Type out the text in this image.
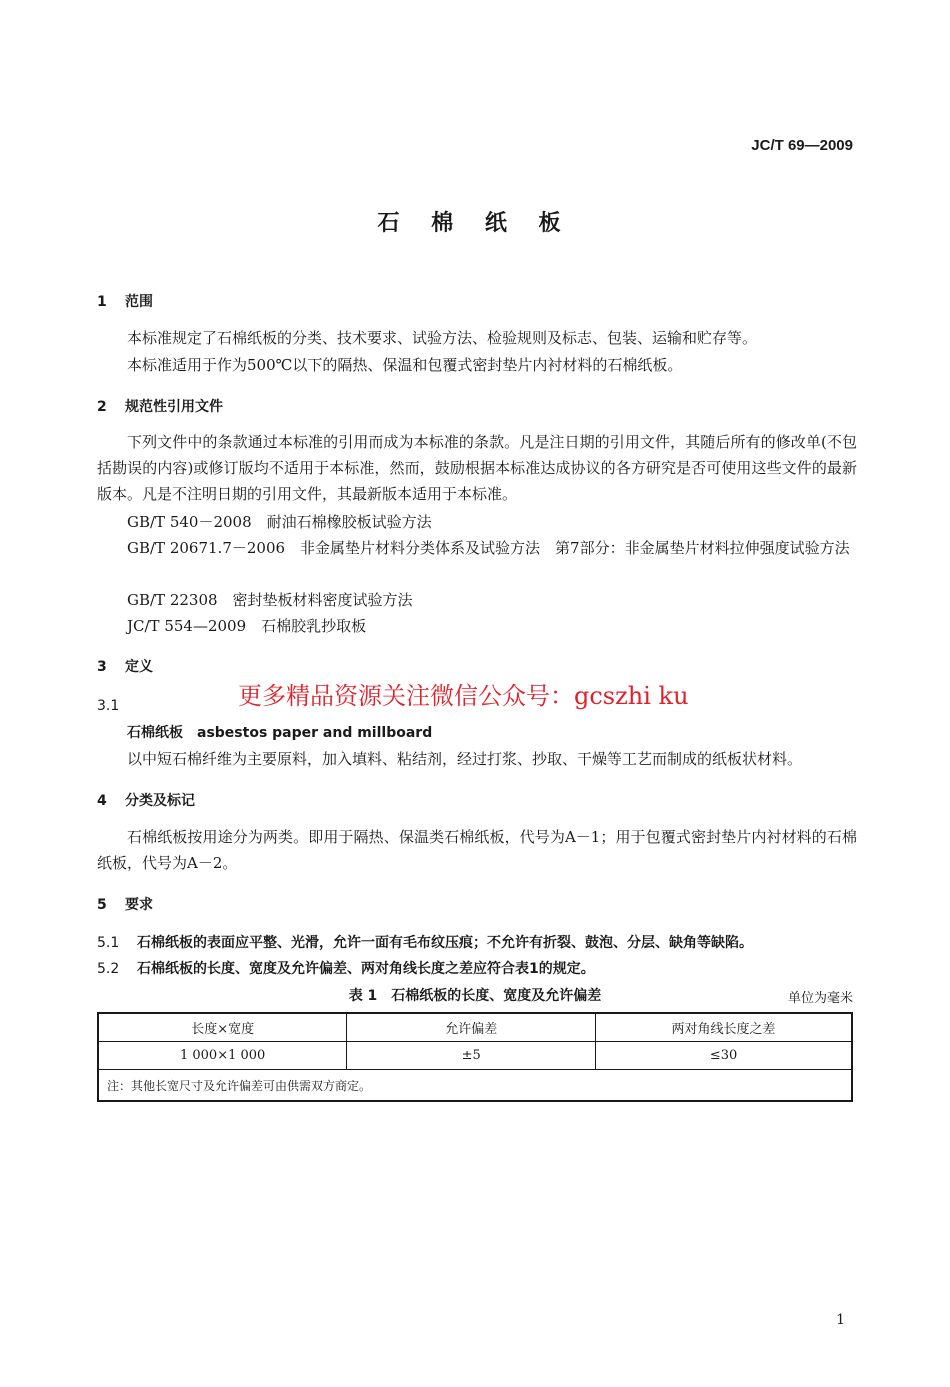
JC/T 69—2009
石 棉 纸 板
1 范围
本标准规定了石棉纸板的分类、技术要求、试验方法、检验规则及标志、包装、运输和贮存等。
本标准适用于作为500℃以下的隔热、保温和包覆式密封垫片内衬材料的石棉纸板。
2 规范性引用文件
下列文件中的条款通过本标准的引用而成为本标准的条款。凡是注日期的引用文件，其随后所有的修改单(不包括勘误的内容)或修订版均不适用于本标准，然而，鼓励根据本标准达成协议的各方研究是否可使用这些文件的最新版本。凡是不注明日期的引用文件，其最新版本适用于本标准。
GB/T 540－2008　耐油石棉橡胶板试验方法
GB/T 20671.7－2006　非金属垫片材料分类体系及试验方法　第7部分：非金属垫片材料拉伸强度试验方法
GB/T 22308　密封垫板材料密度试验方法
JC/T 554—2009　石棉胶乳抄取板
3 定义
更多精品资源关注微信公众号：gcszhi ku
3.1
石棉纸板　asbestos paper and millboard
以中短石棉纤维为主要原料，加入填料、粘结剂，经过打浆、抄取、干燥等工艺而制成的纸板状材料。
4 分类及标记
石棉纸板按用途分为两类。即用于隔热、保温类石棉纸板，代号为A－1；用于包覆式密封垫片内衬材料的石棉纸板，代号为A－2。
5 要求
5.1 石棉纸板的表面应平整、光滑，允许一面有毛布纹压痕；不允许有折裂、鼓泡、分层、缺角等缺陷。
5.2 石棉纸板的长度、宽度及允许偏差、两对角线长度之差应符合表1的规定。
表 1　石棉纸板的长度、宽度及允许偏差	单位为毫米
长度×宽度	允许偏差	两对角线长度之差
1 000×1 000	±5	≤30
注：其他长宽尺寸及允许偏差可由供需双方商定。		
1
